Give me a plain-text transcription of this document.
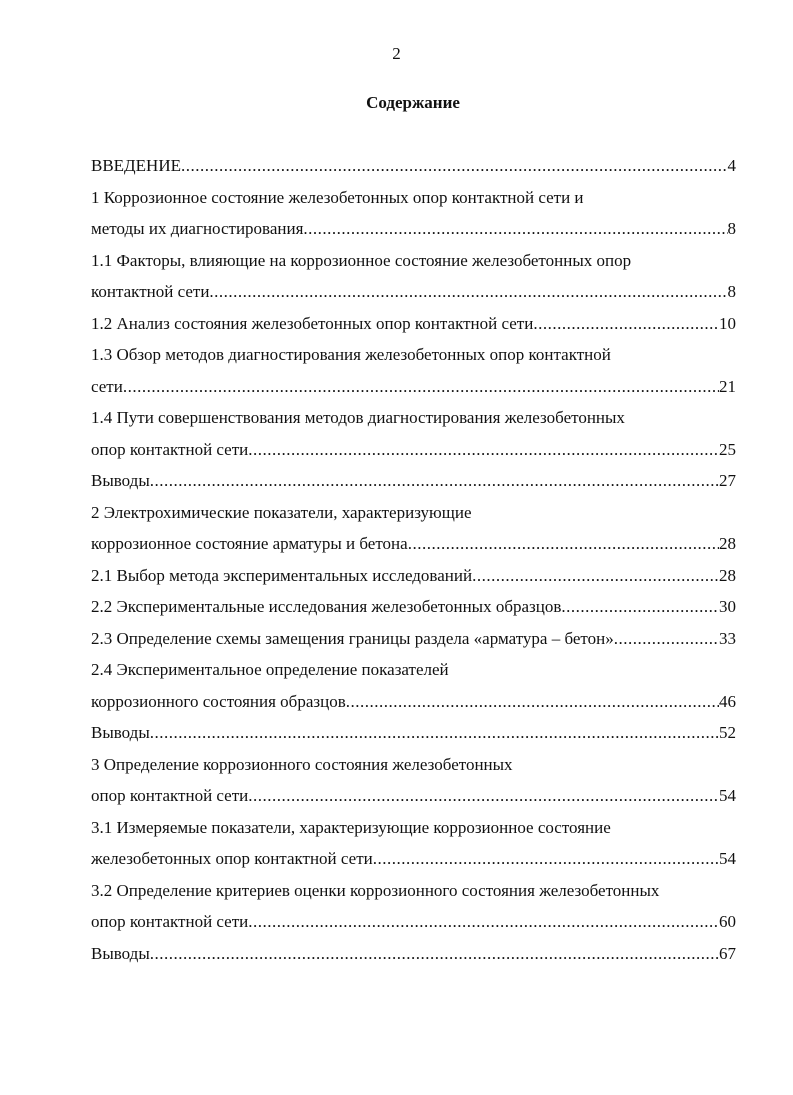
2
Содержание
ВВЕДЕНИЕ .....	4
1 Коррозионное состояние железобетонных опор контактной сети и
методы их диагностирования .....	8
1.1 Факторы, влияющие на коррозионное состояние железобетонных опор
контактной сети .....	8
1.2 Анализ состояния железобетонных опор контактной сети .....	10
1.3 Обзор методов диагностирования железобетонных опор контактной
сети .....	21
1.4 Пути совершенствования методов диагностирования железобетонных
опор контактной сети .....	25
Выводы .....	27
2 Электрохимические показатели, характеризующие
коррозионное состояние арматуры и бетона .....	28
2.1 Выбор метода экспериментальных исследований .....	28
2.2 Экспериментальные исследования железобетонных образцов .....	30
2.3 Определение схемы замещения границы раздела «арматура – бетон» .....	33
2.4 Экспериментальное определение показателей
коррозионного состояния образцов .....	46
Выводы .....	52
3 Определение коррозионного состояния железобетонных
опор контактной сети .....	54
3.1 Измеряемые показатели, характеризующие коррозионное состояние
железобетонных опор контактной сети .....	54
3.2 Определение критериев оценки коррозионного состояния железобетонных
опор контактной сети .....	60
Выводы .....	67
